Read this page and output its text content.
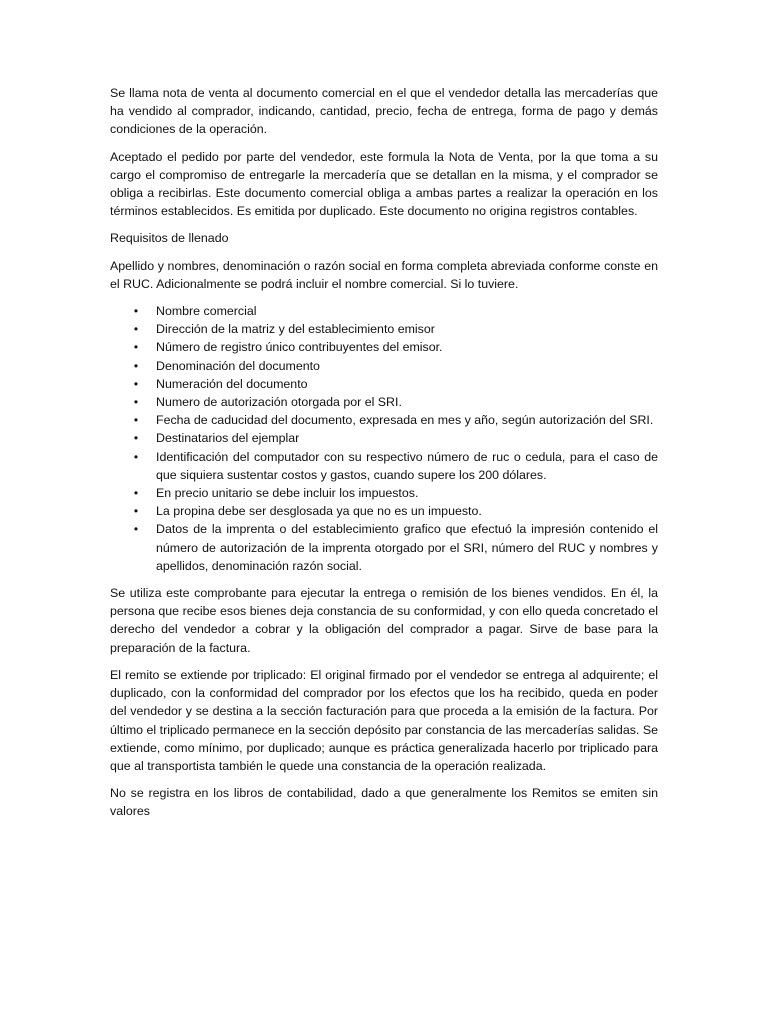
Se llama nota de venta al documento comercial en el que el vendedor detalla las mercaderías que ha vendido al comprador, indicando, cantidad, precio, fecha de entrega, forma de pago y demás condiciones de la operación.

Aceptado el pedido por parte del vendedor, este formula la Nota de Venta, por la que toma a su cargo el compromiso de entregarle la mercadería que se detallan en la misma, y el comprador se obliga a recibirlas. Este documento comercial obliga a ambas partes a realizar la operación en los términos establecidos. Es emitida por duplicado. Este documento no origina registros contables.

Requisitos de llenado

Apellido y nombres, denominación o razón social en forma completa abreviada conforme conste en el RUC. Adicionalmente se podrá incluir el nombre comercial. Si lo tuviere.

• Nombre comercial
• Dirección de la matriz y del establecimiento emisor
• Número de registro único contribuyentes del emisor.
• Denominación del documento
• Numeración del documento
• Numero de autorización otorgada por el SRI.
• Fecha de caducidad del documento, expresada en mes y año, según autorización del SRI.
• Destinatarios del ejemplar
• Identificación del computador con su respectivo número de ruc o cedula, para el caso de que siquiera sustentar costos y gastos, cuando supere los 200 dólares.
• En precio unitario se debe incluir los impuestos.
• La propina debe ser desglosada ya que no es un impuesto.
• Datos de la imprenta o del establecimiento grafico que efectuó la impresión contenido el número de autorización de la imprenta otorgado por el SRI, número del RUC y nombres y apellidos, denominación razón social.

Se utiliza este comprobante para ejecutar la entrega o remisión de los bienes vendidos. En él, la persona que recibe esos bienes deja constancia de su conformidad, y con ello queda concretado el derecho del vendedor a cobrar y la obligación del comprador a pagar. Sirve de base para la preparación de la factura.

El remito se extiende por triplicado: El original firmado por el vendedor se entrega al adquirente; el duplicado, con la conformidad del comprador por los efectos que los ha recibido, queda en poder del vendedor y se destina a la sección facturación para que proceda a la emisión de la factura. Por último el triplicado permanece en la sección depósito par constancia de las mercaderías salidas. Se extiende, como mínimo, por duplicado; aunque es práctica generalizada hacerlo por triplicado para que al transportista también le quede una constancia de la operación realizada.

No se registra en los libros de contabilidad, dado a que generalmente los Remitos se emiten sin valores
